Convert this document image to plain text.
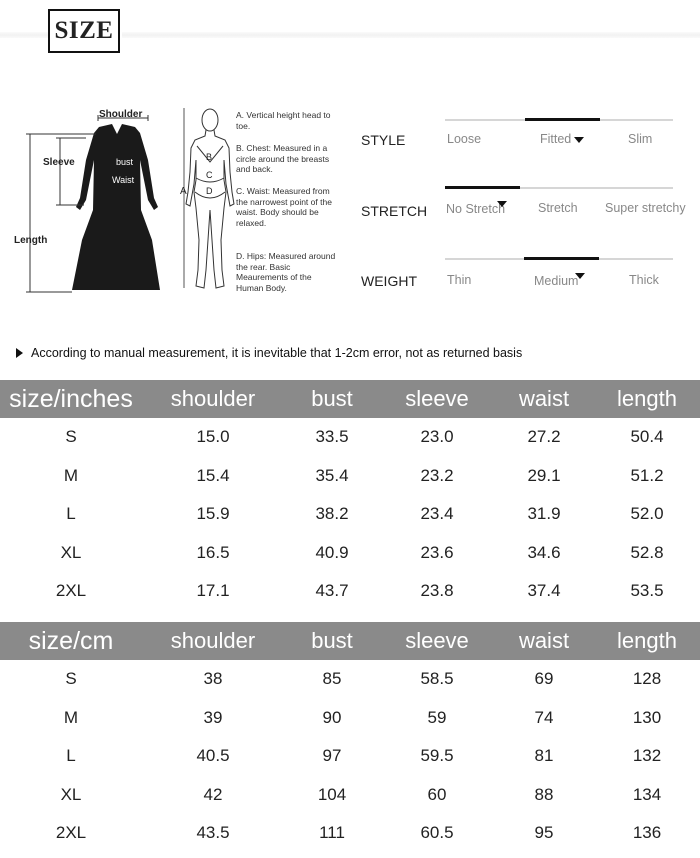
SIZE
Shoulder
Sleeve
Length
bust
Waist
A
B
C
D
A. Vertical height head to toe.
B. Chest: Measured in a circle around the breasts and back.
C. Waist: Measured from the narrowest point of the waist. Body should be relaxed.
D. Hips: Measured around the rear. Basic Meaurements of the Human Body.
STYLE	Loose	Fitted	Slim
STRETCH No Stretch	Stretch Super stretchy
WEIGHT Thin	Medium	Thick
According to manual measurement, it is inevitable that 1-2cm error, not as returned basis
size/inches	shoulder	bust	sleeve	waist	length
S	15.0	33.5	23.0	27.2	50.4
M	15.4	35.4	23.2	29.1	51.2
L	15.9	38.2	23.4	31.9	52.0
XL	16.5	40.9	23.6	34.6	52.8
2XL	17.1	43.7	23.8	37.4	53.5
size/cm	shoulder	bust	sleeve	waist	length
S	38	85	58.5	69	128
M	39	90	59	74	130
L	40.5	97	59.5	81	132
XL	42	104	60	88	134
2XL	43.5	111	60.5	95	136
